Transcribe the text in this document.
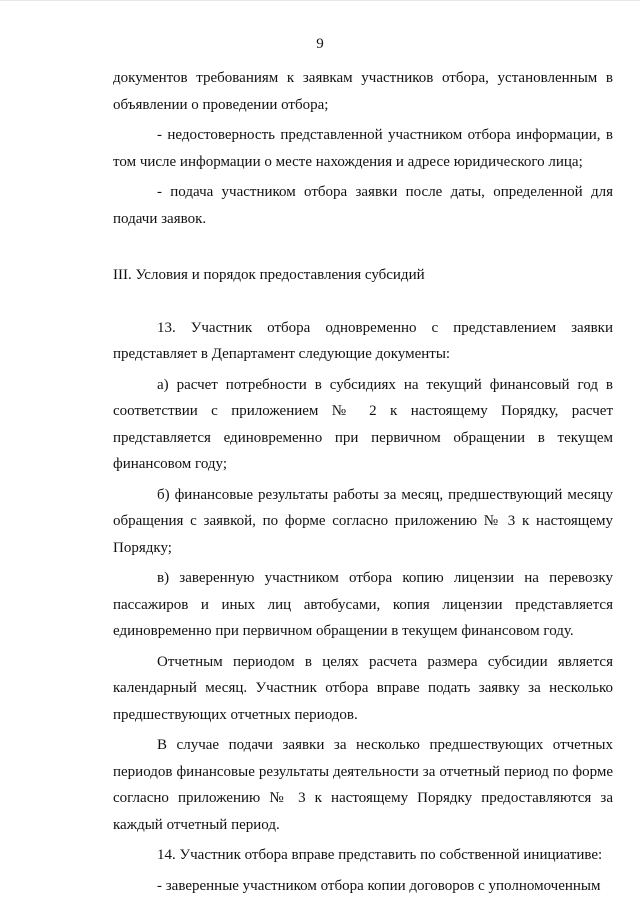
9

документов требованиям к заявкам участников отбора, установленным в объявлении о проведении отбора;

- недостоверность представленной участником отбора информации, в том числе информации о месте нахождения и адресе юридического лица;

- подача участником отбора заявки после даты, определенной для подачи заявок.

III. Условия и порядок предоставления субсидий

13. Участник отбора одновременно с представлением заявки представляет в Департамент следующие документы:

а) расчет потребности в субсидиях на текущий финансовый год в соответствии с приложением № 2 к настоящему Порядку, расчет представляется единовременно при первичном обращении в текущем финансовом году;

б) финансовые результаты работы за месяц, предшествующий месяцу обращения с заявкой, по форме согласно приложению № 3 к настоящему Порядку;

в) заверенную участником отбора копию лицензии на перевозку пассажиров и иных лиц автобусами, копия лицензии представляется единовременно при первичном обращении в текущем финансовом году.

Отчетным периодом в целях расчета размера субсидии является календарный месяц. Участник отбора вправе подать заявку за несколько предшествующих отчетных периодов.

В случае подачи заявки за несколько предшествующих отчетных периодов финансовые результаты деятельности за отчетный период по форме согласно приложению № 3 к настоящему Порядку предоставляются за каждый отчетный период.

14. Участник отбора вправе представить по собственной инициативе:

- заверенные участником отбора копии договоров с уполномоченным
